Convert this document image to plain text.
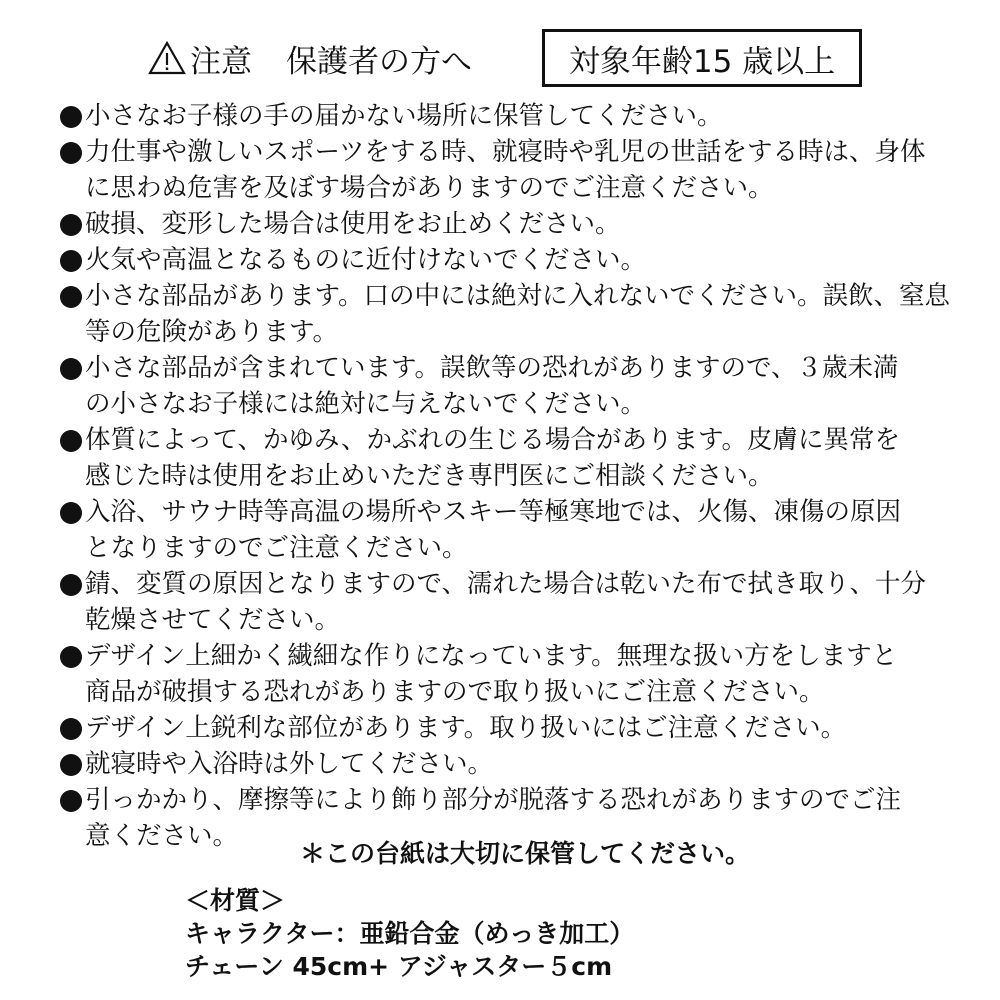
注意 保護者の方へ	対象年齢15 歳以上
小さなお子様の手の届かない場所に保管してください。
力仕事や激しいスポーツをする時、就寝時や乳児の世話をする時は、身体
に思わぬ危害を及ぼす場合がありますのでご注意ください。
破損、変形した場合は使用をお止めください。
火気や高温となるものに近付けないでください。
小さな部品があります。口の中には絶対に入れないでください。誤飲、窒息
等の危険があります。
小さな部品が含まれています。誤飲等の恐れがありますので、３歳未満
の小さなお子様には絶対に与えないでください。
体質によって、かゆみ、かぶれの生じる場合があります。皮膚に異常を
感じた時は使用をお止めいただき専門医にご相談ください。
入浴、サウナ時等高温の場所やスキー等極寒地では、火傷、凍傷の原因
となりますのでご注意ください。
錆、変質の原因となりますので、濡れた場合は乾いた布で拭き取り、十分
乾燥させてください。
デザイン上細かく繊細な作りになっています。無理な扱い方をしますと
商品が破損する恐れがありますので取り扱いにご注意ください。
デザイン上鋭利な部位があります。取り扱いにはご注意ください。
就寝時や入浴時は外してください。
引っかかり、摩擦等により飾り部分が脱落する恐れがありますのでご注
意ください。
＊この台紙は大切に保管してください。
＜材質＞
キャラクター：亜鉛合金（めっき加工）
チェーン 45cm+ アジャスター５cm
